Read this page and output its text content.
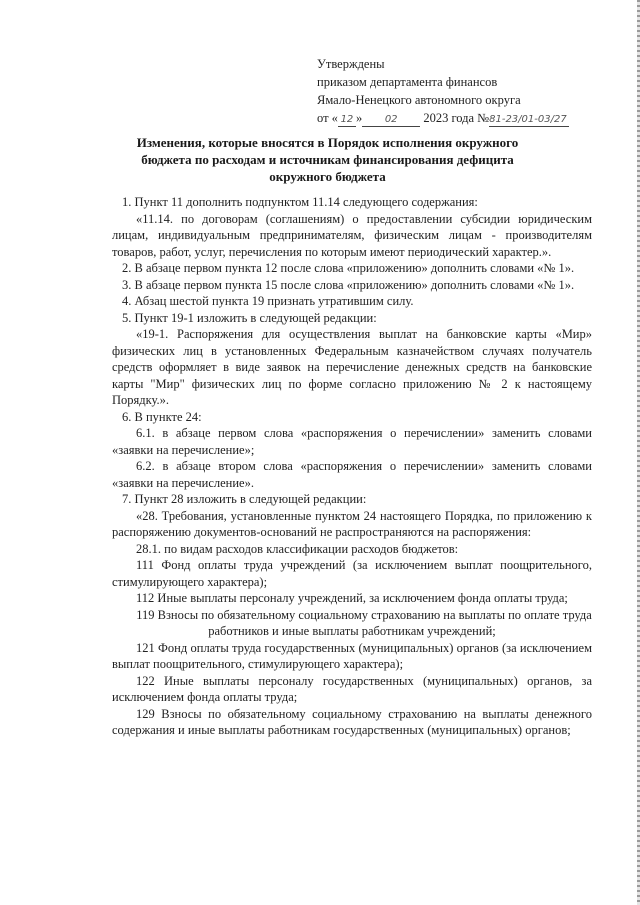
Утверждены
приказом департамента финансов
Ямало-Ненецкого автономного округа
от « 12 » 02 2023 года №81-23/01-03/27
Изменения, которые вносятся в Порядок исполнения окружного бюджета по расходам и источникам финансирования дефицита окружного бюджета

1. Пункт 11 дополнить подпунктом 11.14 следующего содержания:

«11.14. по договорам (соглашениям) о предоставлении субсидии юридическим лицам, индивидуальным предпринимателям, физическим лицам - производителям товаров, работ, услуг, перечисления по которым имеют периодический характер.».

2. В абзаце первом пункта 12 после слова «приложению» дополнить словами «№ 1».

3. В абзаце первом пункта 15 после слова «приложению» дополнить словами «№ 1».

4. Абзац шестой пункта 19 признать утратившим силу.

5. Пункт 19-1 изложить в следующей редакции:

«19-1. Распоряжения для осуществления выплат на банковские карты «Мир» физических лиц в установленных Федеральным казначейством случаях получатель средств оформляет в виде заявок на перечисление денежных средств на банковские карты "Мир" физических лиц по форме согласно приложению № 2 к настоящему Порядку.».

6. В пункте 24:

6.1. в абзаце первом слова «распоряжения о перечислении» заменить словами «заявки на перечисление»;

6.2. в абзаце втором слова «распоряжения о перечислении» заменить словами «заявки на перечисление».

7. Пункт 28 изложить в следующей редакции:

«28. Требования, установленные пунктом 24 настоящего Порядка, по приложению к распоряжению документов-оснований не распространяются на распоряжения:

28.1. по видам расходов классификации расходов бюджетов:

111 Фонд оплаты труда учреждений (за исключением выплат поощрительного, стимулирующего характера);

112 Иные выплаты персоналу учреждений, за исключением фонда оплаты труда;

119 Взносы по обязательному социальному страхованию на выплаты по оплате труда работников и иные выплаты работникам учреждений;

121 Фонд оплаты труда государственных (муниципальных) органов (за исключением выплат поощрительного, стимулирующего характера);

122 Иные выплаты персоналу государственных (муниципальных) органов, за исключением фонда оплаты труда;

129 Взносы по обязательному социальному страхованию на выплаты денежного содержания и иные выплаты работникам государственных (муниципальных) органов;
